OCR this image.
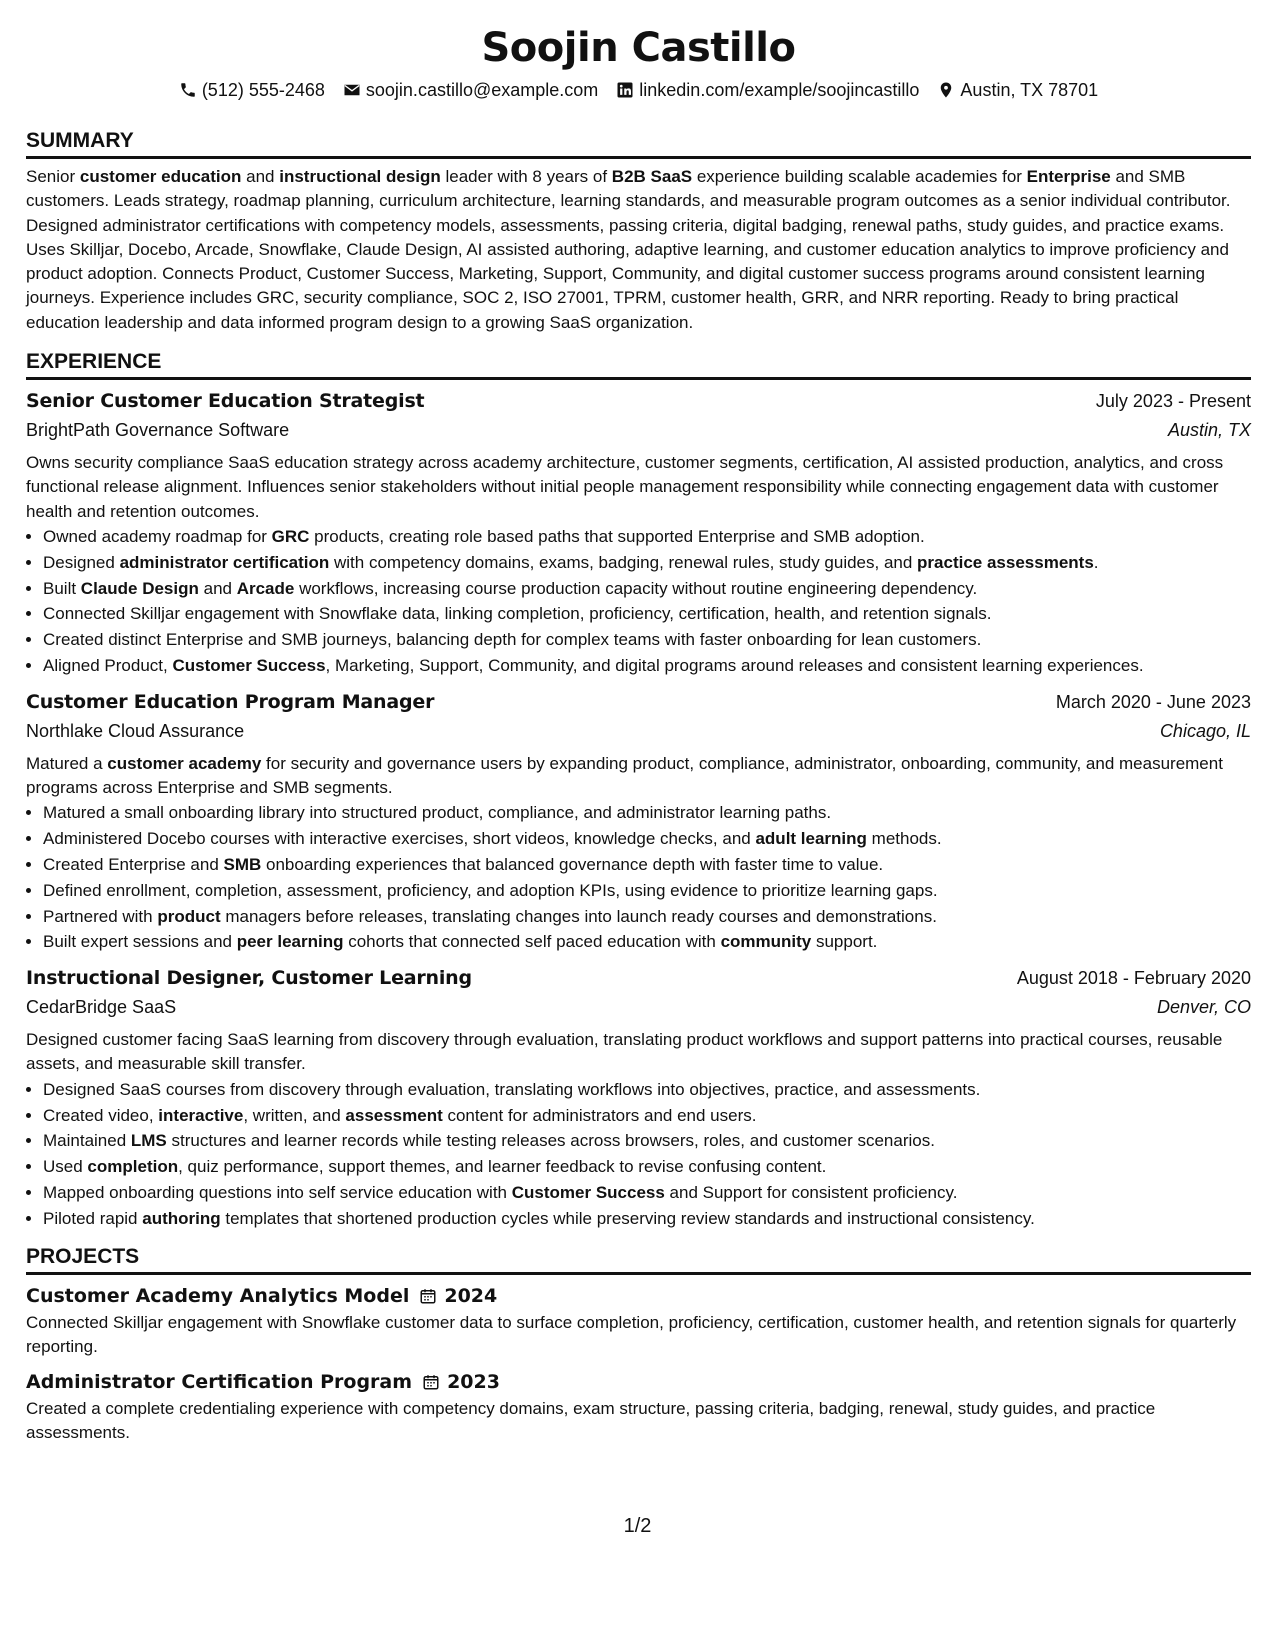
Soojin Castillo
(512) 555-2468 soojin.castillo@example.com linkedin.com/example/soojincastillo Austin, TX 78701
SUMMARY

Senior customer education and instructional design leader with 8 years of B2B SaaS experience building scalable academies for Enterprise and SMB customers. Leads strategy, roadmap planning, curriculum architecture, learning standards, and measurable program outcomes as a senior individual contributor. Designed administrator certifications with competency models, assessments, passing criteria, digital badging, renewal paths, study guides, and practice exams. Uses Skilljar, Docebo, Arcade, Snowflake, Claude Design, AI assisted authoring, adaptive learning, and customer education analytics to improve proficiency and product adoption. Connects Product, Customer Success, Marketing, Support, Community, and digital customer success programs around consistent learning journeys. Experience includes GRC, security compliance, SOC 2, ISO 27001, TPRM, customer health, GRR, and NRR reporting. Ready to bring practical education leadership and data informed program design to a growing SaaS organization.

EXPERIENCE
Senior Customer Education Strategist	July 2023 - Present
BrightPath Governance Software	Austin, TX

Owns security compliance SaaS education strategy across academy architecture, customer segments, certification, AI assisted production, analytics, and cross functional release alignment. Influences senior stakeholders without initial people management responsibility while connecting engagement data with customer health and retention outcomes.

• Owned academy roadmap for GRC products, creating role based paths that supported Enterprise and SMB adoption.
• Designed administrator certification with competency domains, exams, badging, renewal rules, study guides, and practice assessments.
• Built Claude Design and Arcade workflows, increasing course production capacity without routine engineering dependency.
• Connected Skilljar engagement with Snowflake data, linking completion, proficiency, certification, health, and retention signals.
• Created distinct Enterprise and SMB journeys, balancing depth for complex teams with faster onboarding for lean customers.
• Aligned Product, Customer Success, Marketing, Support, Community, and digital programs around releases and consistent learning experiences.
Customer Education Program Manager	March 2020 - June 2023
Northlake Cloud Assurance	Chicago, IL

Matured a customer academy for security and governance users by expanding product, compliance, administrator, onboarding, community, and measurement programs across Enterprise and SMB segments.

• Matured a small onboarding library into structured product, compliance, and administrator learning paths.
• Administered Docebo courses with interactive exercises, short videos, knowledge checks, and adult learning methods.
• Created Enterprise and SMB onboarding experiences that balanced governance depth with faster time to value.
• Defined enrollment, completion, assessment, proficiency, and adoption KPIs, using evidence to prioritize learning gaps.
• Partnered with product managers before releases, translating changes into launch ready courses and demonstrations.
• Built expert sessions and peer learning cohorts that connected self paced education with community support.
Instructional Designer, Customer Learning	August 2018 - February 2020
CedarBridge SaaS	Denver, CO

Designed customer facing SaaS learning from discovery through evaluation, translating product workflows and support patterns into practical courses, reusable assets, and measurable skill transfer.

• Designed SaaS courses from discovery through evaluation, translating workflows into objectives, practice, and assessments.
• Created video, interactive, written, and assessment content for administrators and end users.
• Maintained LMS structures and learner records while testing releases across browsers, roles, and customer scenarios.
• Used completion, quiz performance, support themes, and learner feedback to revise confusing content.
• Mapped onboarding questions into self service education with Customer Success and Support for consistent proficiency.
• Piloted rapid authoring templates that shortened production cycles while preserving review standards and instructional consistency.
PROJECTS
Customer Academy Analytics Model 2024

Connected Skilljar engagement with Snowflake customer data to surface completion, proficiency, certification, customer health, and retention signals for quarterly reporting.

Administrator Certification Program 2023

Created a complete credentialing experience with competency domains, exam structure, passing criteria, badging, renewal, study guides, and practice assessments.

1/2
